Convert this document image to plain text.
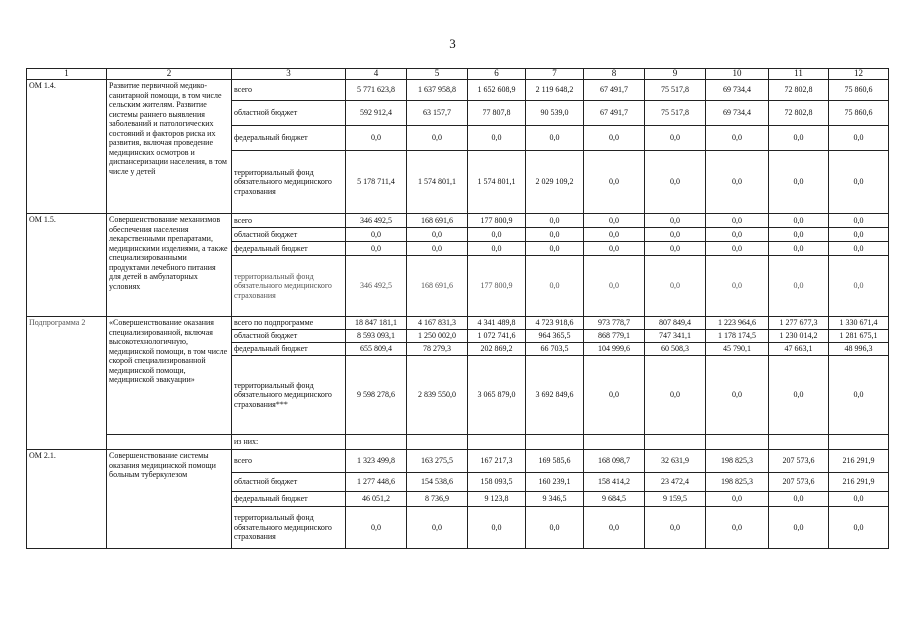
3
1	2	3	4	5	6	7	8	9	10	11	12
ОМ 1.4.	Развитие первичной медико-санитарной помощи, в том числе сельским жителям. Развитие системы раннего выявления заболеваний и патологических состояний и факторов риска их развития, включая проведение медицинских осмотров и диспансеризации населения, в том числе у детей	всего	5 771 623,8	1 637 958,8	1 652 608,9	2 119 648,2	67 491,7	75 517,8	69 734,4	72 802,8	75 860,6
		областной бюджет	592 912,4	63 157,7	77 807,8	90 539,0	67 491,7	75 517,8	69 734,4	72 802,8	75 860,6
		федеральный бюджет	0,0	0,0	0,0	0,0	0,0	0,0	0,0	0,0	0,0
		территориальный фонд обязательного медицинского страхования	5 178 711,4	1 574 801,1	1 574 801,1	2 029 109,2	0,0	0,0	0,0	0,0	0,0
ОМ 1.5.	Совершенствование механизмов обеспечения населения лекарственными препаратами, медицинскими изделиями, а также специализированными продуктами лечебного питания для детей в амбулаторных условиях	всего	346 492,5	168 691,6	177 800,9	0,0	0,0	0,0	0,0	0,0	0,0
		областной бюджет	0,0	0,0	0,0	0,0	0,0	0,0	0,0	0,0	0,0
		федеральный бюджет	0,0	0,0	0,0	0,0	0,0	0,0	0,0	0,0	0,0
		территориальный фонд обязательного медицинского страхования	346 492,5	168 691,6	177 800,9	0,0	0,0	0,0	0,0	0,0	0,0
Подпрограмма 2	«Совершенствование оказания специализированной, включая высокотехнологичную, медицинской помощи, в том числе скорой специализированной медицинской помощи, медицинской эвакуации»	всего по подпрограмме	18 847 181,1	4 167 831,3	4 341 489,8	4 723 918,6	973 778,7	807 849,4	1 223 964,6	1 277 677,3	1 330 671,4
		областной бюджет	8 593 093,1	1 250 002,0	1 072 741,6	964 365,5	868 779,1	747 341,1	1 178 174,5	1 230 014,2	1 281 675,1
		федеральный бюджет	655 809,4	78 279,3	202 869,2	66 703,5	104 999,6	60 508,3	45 790,1	47 663,1	48 996,3
		территориальный фонд обязательного медицинского страхования***	9 598 278,6	2 839 550,0	3 065 879,0	3 692 849,6	0,0	0,0	0,0	0,0	0,0
		из них:									
ОМ 2.1.	Совершенствование системы оказания медицинской помощи больным туберкулезом	всего	1 323 499,8	163 275,5	167 217,3	169 585,6	168 098,7	32 631,9	198 825,3	207 573,6	216 291,9
		областной бюджет	1 277 448,6	154 538,6	158 093,5	160 239,1	158 414,2	23 472,4	198 825,3	207 573,6	216 291,9
		федеральный бюджет	46 051,2	8 736,9	9 123,8	9 346,5	9 684,5	9 159,5	0,0	0,0	0,0
		территориальный фонд обязательного медицинского страхования	0,0	0,0	0,0	0,0	0,0	0,0	0,0	0,0	0,0
